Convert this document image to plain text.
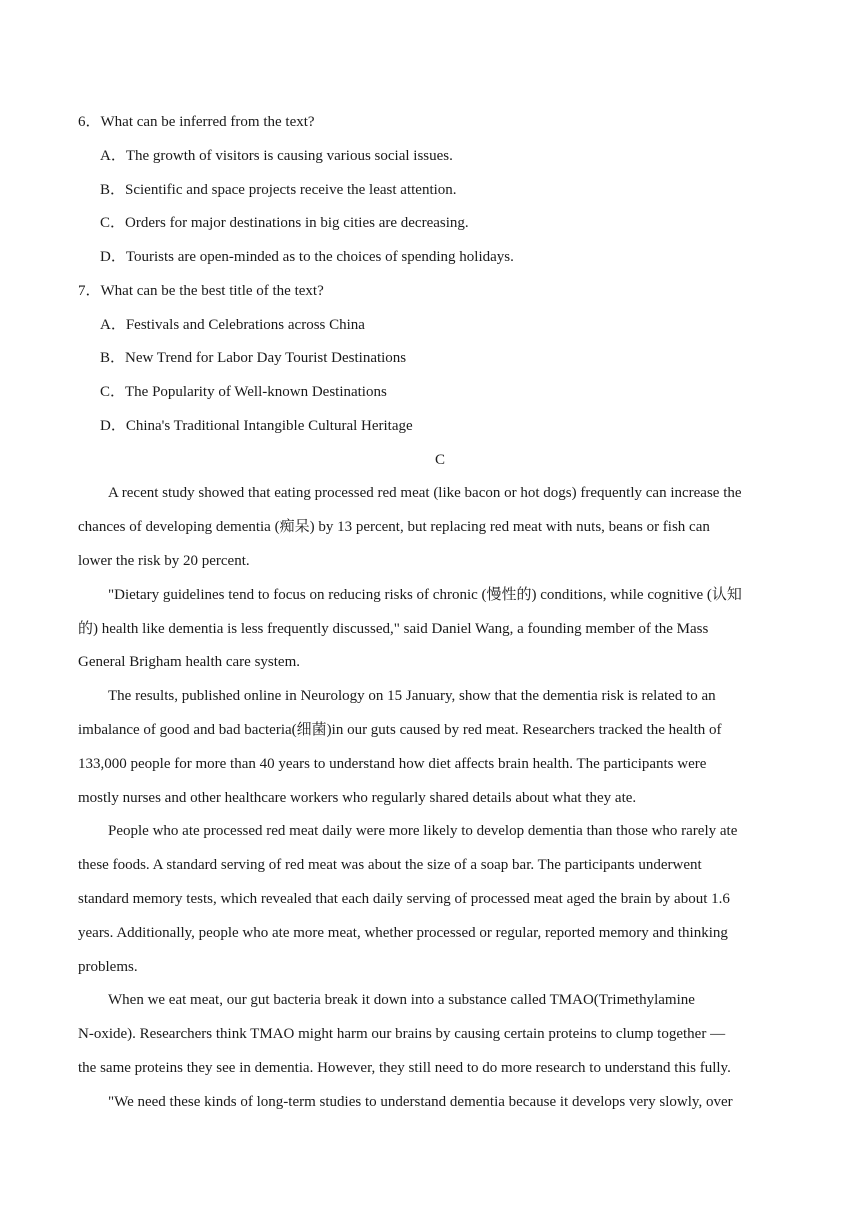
6．What can be inferred from the text?
A．The growth of visitors is causing various social issues.
B．Scientific and space projects receive the least attention.
C．Orders for major destinations in big cities are decreasing.
D．Tourists are open-minded as to the choices of spending holidays.
7．What can be the best title of the text?
A．Festivals and Celebrations across China
B．New Trend for Labor Day Tourist Destinations
C．The Popularity of Well-known Destinations
D．China's Traditional Intangible Cultural Heritage
C
A recent study showed that eating processed red meat (like bacon or hot dogs) frequently can increase the
chances of developing dementia (痴呆) by 13 percent, but replacing red meat with nuts, beans or fish can
lower the risk by 20 percent.
"Dietary guidelines tend to focus on reducing risks of chronic (慢性的) conditions, while cognitive (认知
的) health like dementia is less frequently discussed," said Daniel Wang, a founding member of the Mass
General Brigham health care system.
The results, published online in Neurology on 15 January, show that the dementia risk is related to an
imbalance of good and bad bacteria(细菌)in our guts caused by red meat. Researchers tracked the health of
133,000 people for more than 40 years to understand how diet affects brain health. The participants were
mostly nurses and other healthcare workers who regularly shared details about what they ate.
People who ate processed red meat daily were more likely to develop dementia than those who rarely ate
these foods. A standard serving of red meat was about the size of a soap bar. The participants underwent
standard memory tests, which revealed that each daily serving of processed meat aged the brain by about 1.6
years. Additionally, people who ate more meat, whether processed or regular, reported memory and thinking
problems.
When we eat meat, our gut bacteria break it down into a substance called TMAO(Trimethylamine
N-oxide). Researchers think TMAO might harm our brains by causing certain proteins to clump together —
the same proteins they see in dementia. However, they still need to do more research to understand this fully.
"We need these kinds of long-term studies to understand dementia because it develops very slowly, over
